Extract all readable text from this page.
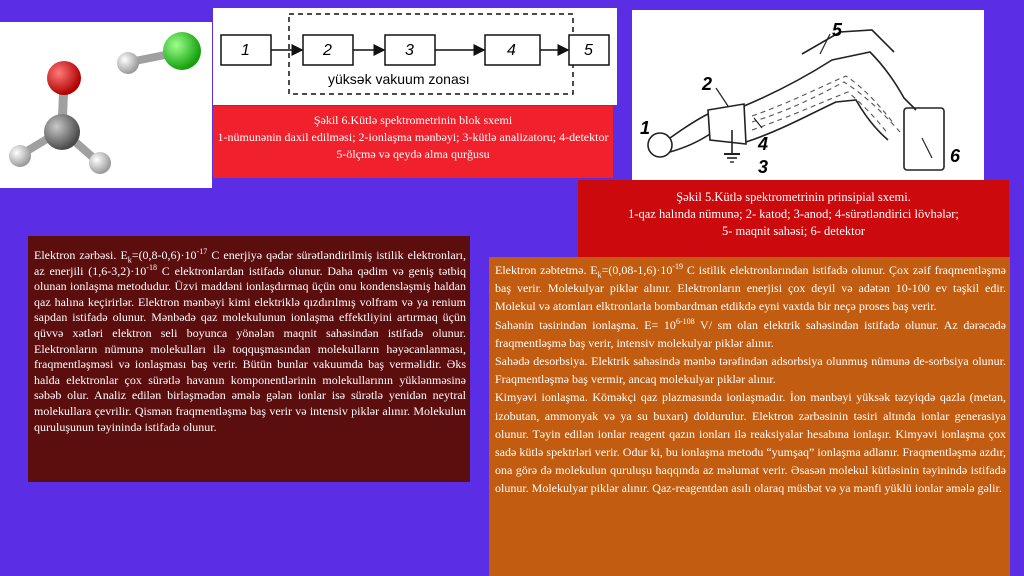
1	2	3	4	5
yüksək vakuum zonası
Şəkil 6.Kütlə spektrometrinin blok sxemi
1-nümunənin daxil edilməsi; 2-ionlaşma mənbəyi; 3-kütlə analizatoru; 4-detektor 5-ölçmə və qeydə alma qurğusu
1
2
3
4
5
6
Şəkil 5.Kütlə spektrometrinin prinsipial sxemi.
1-qaz halında nümunə; 2- katod; 3-anod; 4-sürətləndirici lövhələr;
5- maqnit sahəsi; 6- detektor

Elektron zərbəsi. $E_k=(0,8-0,6)\cdot 10^{-17}$ C enerjiyə qədər sürətləndirilmiş istilik elektronları, az enerjili $(1,6-3,2)\cdot 10^{-18}$ C elektronlardan istifadə olunur. Daha qədim və geniş tətbiq olunan ionlaşma metodudur. Üzvi maddəni ionlaşdırmaq üçün onu kondensləşmiş haldan qaz halına keçirirlər. Elektron mənbəyi kimi elektriklə qızdırılmış volfram və ya renium sapdan istifadə olunur. Mənbədə qaz molekulunun ionlaşma effektliyini artırmaq üçün qüvvə xətləri elektron seli boyunca yönələn maqnit sahəsindən istifadə olunur. Elektronların nümunə molekulları ilə toqquşmasından molekulların həyəcanlanması, fraqmentləşməsi və ionlaşması baş verir. Bütün bunlar vakuumda baş verməlidir. Əks halda elektronlar çox sürətlə havanın komponentlərinin molekullarının yüklənməsinə səbəb olur. Analiz edilən birləşmədən əmələ gələn ionlar isə sürətlə yenidən neytral molekullara çevrilir. Qismən fraqmentləşmə baş verir və intensiv piklər alınır. Molekulun quruluşunun təyinində istifadə olunur.

Elektron zəbtetmə. $E_k=(0,08-1,6)\cdot 10^{-19}$ C istilik elektronlarından istifadə olunur. Çox zəif fraqmentləşmə baş verir. Molekulyar piklər alınır. Elektronların enerjisi çox deyil və adətən 10-100 ev təşkil edir. Molekul və atomları elktronlarla bombardman etdikdə eyni vaxtda bir neçə proses baş verir.

Sahənin təsirindən ionlaşma. $E= 10^{6-108}$ V/ sm olan elektrik sahəsindən istifadə olunur. Az dərəcədə fraqmentləşmə baş verir, intensiv molekulyar piklər alınır.

Sahədə desorbsiya. Elektrik sahəsində mənbə tərəfindən adsorbsiya olunmuş nümunə de-sorbsiya olunur. Fraqmentləşmə baş vermir, ancaq molekulyar piklər alınır.

Kimyəvi ionlaşma. Köməkçi qaz plazmasında ionlaşmadır. İon mənbəyi yüksək təzyiqdə qazla (metan, izobutan, ammonyak və ya su buxarı) doldurulur. Elektron zərbəsinin təsiri altında ionlar generasiya olunur. Təyin edilən ionlar reagent qazın ionları ilə reaksiyalar hesabına ionlaşır. Kimyəvi ionlaşma çox sadə kütlə spektrləri verir. Odur ki, bu ionlaşma metodu “yumşaq” ionlaşma adlanır. Fraqmentləşmə azdır, ona görə də molekulun quruluşu haqqında az məlumat verir. Əsasən molekul kütləsinin təyinində istifadə olunur. Molekulyar piklər alınır. Qaz-reagentdən asılı olaraq müsbət və ya mənfi yüklü ionlar əmələ gəlir.
